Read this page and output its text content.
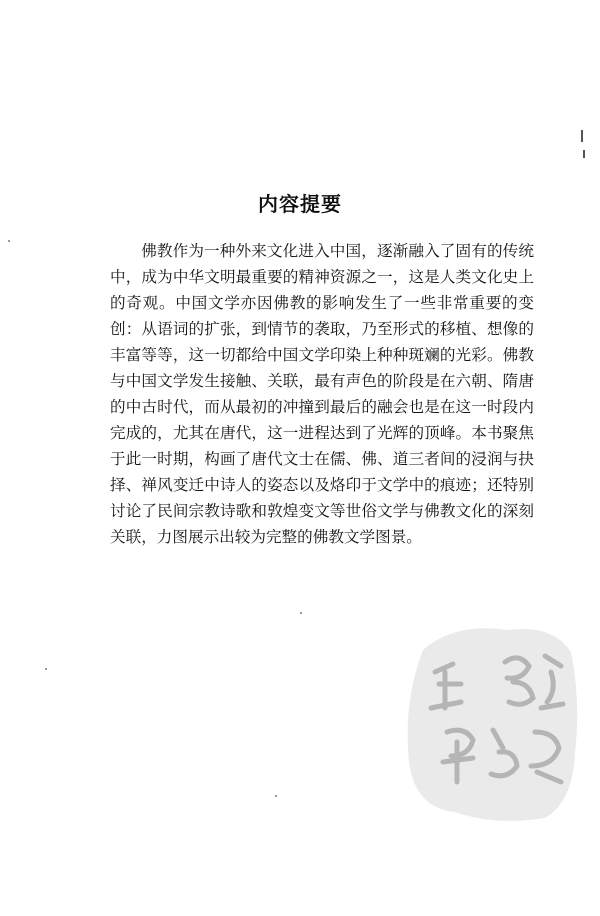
内容提要

佛教作为一种外来文化进入中国，逐渐融入了固有的传统中，成为中华文明最重要的精神资源之一，这是人类文化史上的奇观。中国文学亦因佛教的影响发生了一些非常重要的变创：从语词的扩张，到情节的袭取，乃至形式的移植、想像的丰富等等，这一切都给中国文学印染上种种斑斓的光彩。佛教与中国文学发生接触、关联，最有声色的阶段是在六朝、隋唐的中古时代，而从最初的冲撞到最后的融会也是在这一时段内完成的，尤其在唐代，这一进程达到了光辉的顶峰。本书聚焦于此一时期，构画了唐代文士在儒、佛、道三者间的浸润与抉择、禅风变迁中诗人的姿态以及烙印于文学中的痕迹；还特别讨论了民间宗教诗歌和敦煌变文等世俗文学与佛教文化的深刻关联，力图展示出较为完整的佛教文学图景。
